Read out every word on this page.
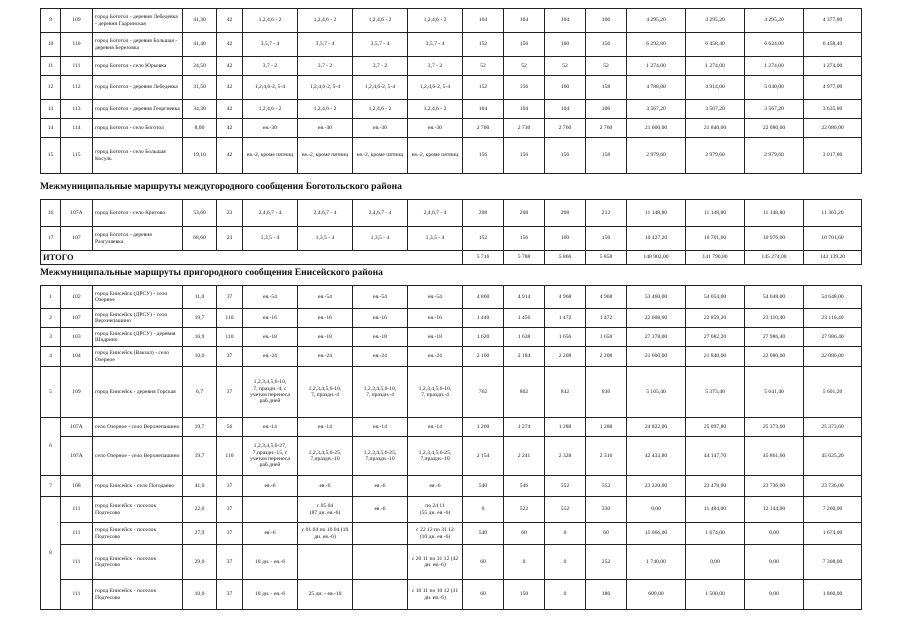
9	109	город Боготол - деревня Лебедевка - деревня Гадринская	41,30	42	1,2,4,6 - 2	1,2,4,6 - 2	1,2,4,6 - 2	1,2,4,6 - 2	104	104	104	106	4 295,20	4 295,20	4 295,20	4 377,80
10	110	город Боготол - деревня Большая - деревня Березовка	41,40	42	3,5,7 - 4	3,5,7 - 4	3,5,7 - 4	3,5,7 - 4	152	156	160	156	6 292,80	6 458,40	6 624,00	6 458,40
11	111	город Боготол - село Юрьевка	24,50	42	3,7 - 2	3,7 - 2	3,7 - 2	3,7 - 2	52	52	52	52	1 274,00	1 274,00	1 274,00	1 274,00
12	112	город Боготол - деревня Лебедевка	31,50	42	1,2,4,6-2, 5-4	1,2,4,6-2, 5-4	1,2,4,6-2, 5-4	1,2,4,6-2, 5-4	152	156	160	158	4 788,00	4 914,00	5 040,00	4 977,00
13	113	город Боготол - деревня Георгиевка	34,30	42	1,2,4,6 - 2	1,2,4,6 - 2	1,2,4,6 - 2	1,2,4,6 - 2	104	104	104	106	3 567,20	3 567,20	3 567,20	3 635,80
14	114	город Боготол - село Боготол	8,00	42	ея.-30	ея.-30	ея.-30	ея.-30	2 700	2 730	2 760	2 760	21 600,00	21 840,00	22 080,00	22 080,00
15	115	город Боготол - село Большая Косуль	19,10	42	ея.-2, кроме пятниц	ея.-2, кроме пятниц	ея.-2, кроме пятниц	ея.-2, кроме пятниц	156	156	156	158	2 979,60	2 979,60	2 979,60	3 017,80
Межмуниципальные маршруты междугородного сообщения Боготольского района
16	107А	город Боготол - село Критово	53,60	23	2,4,6,7 - 4	2,4,6,7 - 4	2,4,6,7 - 4	2,4,6,7 - 4	208	208	208	212	11 148,80	11 148,80	11 148,80	11 363,20
17	107	город Боготол - деревня Разгуляевка	68,60	23	1,3,5 - 4	1,3,5 - 4	1,3,5 - 4	1,3,5 - 4	152	156	160	156	10 427,20	10 701,60	10 976,00	10 701,60
ИТОГО									5 716	5 788	5 866	5 858	140 902,00	141 790,80	145 274,00	143 139,20
Межмуниципальные маршруты пригородного сообщения Енисейского района
1	102	город Енисейск (ДРСУ) - село Озерное	11,0	37	ея.-54	ея.-54	ея.-54	ея.-54	4 860	4 914	4 968	4 968	53 460,00	54 054,00	54 648,00	54 648,00
2	107	город Енисейск (ДРСУ) - село Верхнепашино	19,7	110	ея.-16	ея.-16	ея.-16	ея.-16	1 440	1 456	1 472	1 472	22 608,00	22 859,20	23 110,40	23 110,40
3	103	город Енисейск (ДРСУ) - деревня Шадрино	16,9	110	ея.-18	ея.-18	ея.-18	ея.-18	1 620	1 638	1 656	1 656	27 378,00	27 682,20	27 986,40	27 986,40
4	104	город Енисейск (Вакзал) - село Озерное	10,0	37	ея.-24	ея.-24	ея.-24	ея.-24	2 160	2 184	2 208	2 208	21 600,00	21 840,00	22 080,00	22 080,00
5	109	город Енисейск - деревня Горская	6,7	37	1,2,3,4,5,6-10,
7, праздн.-4, с
учетом переноса
раб.дней	1,2,3,4,5,6-10,
7, праздн.-4	1,2,3,4,5,6-10,
7, праздн.-4	1,2,3,4,5,6-10,
7, праздн.-4	762	802	842	836	5 105,40	5 373,40	5 641,40	5 601,20
6	107А	село Озерное - село Верхнепашино	19,7	56	ея.-14	ея.-14	ея.-14	ея.-14	1 260	1 274	1 288	1 288	24 822,00	25 097,80	25 373,60	25 373,60
	107А	село Озерное - село Верхнепашино	19,7	110	1,2,3,4,5,6-27,
7,праздн.-15, с
учетом переноса
раб.дней	1,2,3,4,5,6-25,
7,праздн.-10	1,2,3,4,5,6-25,
7,праздн.-10	1,2,3,4,5,6-25,
7,праздн.-10	2 154	2 241	2 328	2 316	42 433,80	44 147,70	45 861,60	45 625,20
7	108	город Енисейск - село Погодаево	41,0	37	ея.-6	ея.-6	ея.-6	ея.-6	540	546	552	552	23 220,00	23 478,00	23 736,00	23 736,00
8	111	город Енисейск - поселок Подтесово	22,0	37		с 05 04
(87 дн. ея.-6)	ея.-6	по 24 11
(55 дн. ея.-6)	0	522	552	330	0,00	11 484,00	12 144,00	7 260,00
	111	город Енисейск - поселок Подтесово	27,9	37	ея.-6	с 01 04 по 10 04 (10
дн. ея.-6)		с 22 12 по 31 12
(10 дн. ея.-6)	540	60	0	60	15 066,00	1 674,00	0,00	1 674,00
	111	город Енисейск - поселок Подтесово	29,0	37	10 дн. - ея.-6			с 20 11 по 31 12 (42
дн. ея.-6)	60	0	0	252	1 740,00	0,00	0,00	7 308,00
	111	город Енисейск - поселок Подтесово	10,0	37	10 дн. - ея.-6	25 дн. - ея.-10		с 10 11 по 10 12 (31
дн. ея.-6)	60	150	0	186	600,00	1 500,00	0,00	1 860,00
